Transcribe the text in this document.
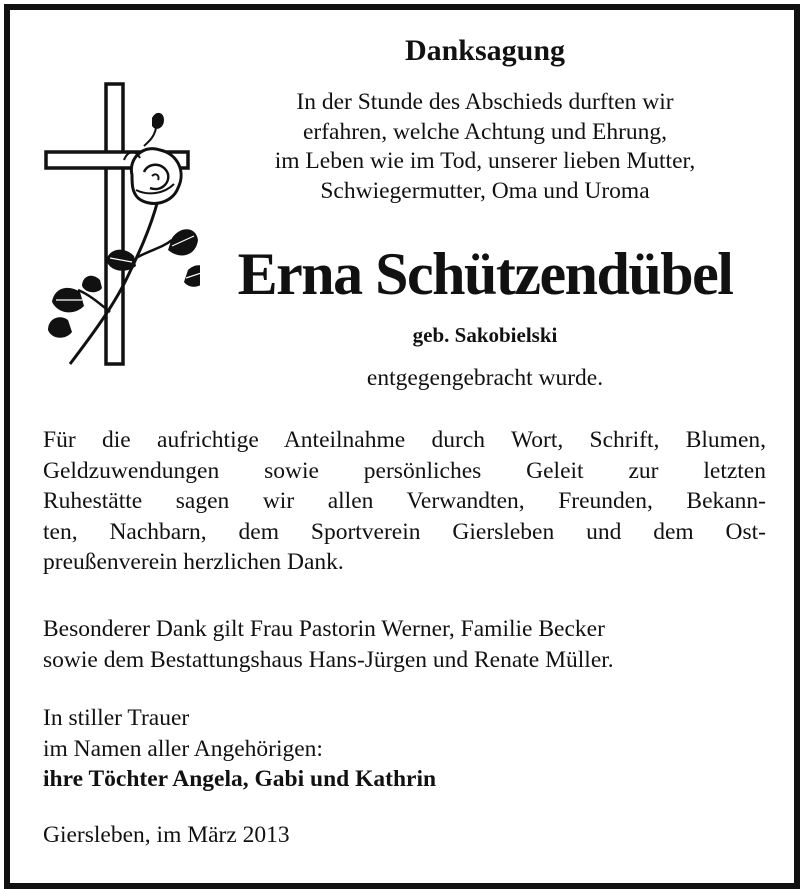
Danksagung
In der Stunde des Abschieds durften wir
erfahren, welche Achtung und Ehrung,
im Leben wie im Tod, unserer lieben Mutter,
Schwiegermutter, Oma und Uroma
Erna Schützendübel
geb. Sakobielski
entgegengebracht wurde.
Für die aufrichtige Anteilnahme durch Wort, Schrift, Blumen,
Geldzuwendungen sowie persönliches Geleit zur letzten
Ruhestätte sagen wir allen Verwandten, Freunden, Bekann-
ten, Nachbarn, dem Sportverein Giersleben und dem Ost-
preußenverein herzlichen Dank.
Besonderer Dank gilt Frau Pastorin Werner, Familie Becker
sowie dem Bestattungshaus Hans-Jürgen und Renate Müller.
In stiller Trauer
im Namen aller Angehörigen:
ihre Töchter Angela, Gabi und Kathrin
Giersleben, im März 2013
